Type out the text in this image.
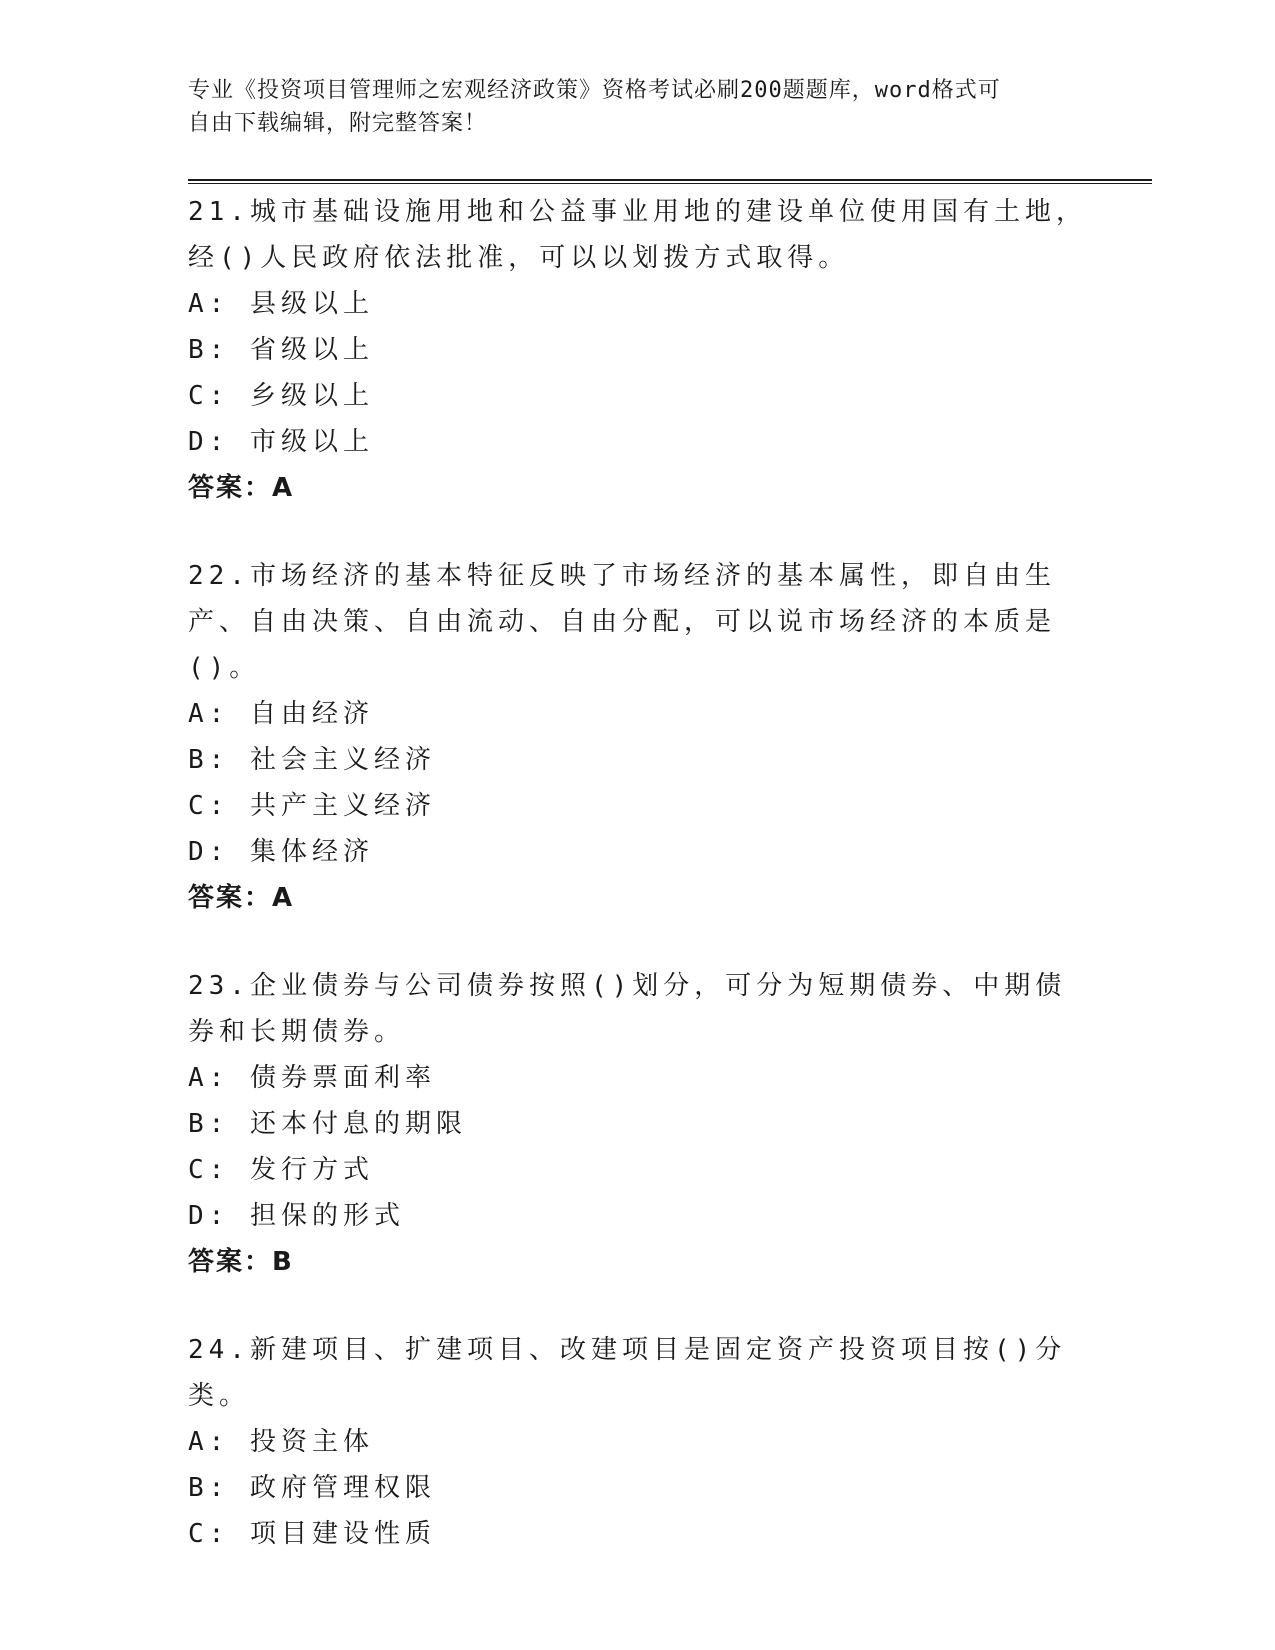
专业《投资项目管理师之宏观经济政策》资格考试必刷200题题库，word格式可
自由下载编辑，附完整答案！
21.城市基础设施用地和公益事业用地的建设单位使用国有土地，经()人民政府依法批准，可以以划拨方式取得。
A: 县级以上
B: 省级以上
C: 乡级以上
D: 市级以上
答案：A
22.市场经济的基本特征反映了市场经济的基本属性，即自由生产、自由决策、自由流动、自由分配，可以说市场经济的本质是()。
A: 自由经济
B: 社会主义经济
C: 共产主义经济
D: 集体经济
答案：A
23.企业债券与公司债券按照()划分，可分为短期债券、中期债券和长期债券。
A: 债券票面利率
B: 还本付息的期限
C: 发行方式
D: 担保的形式
答案：B
24.新建项目、扩建项目、改建项目是固定资产投资项目按()分类。
A: 投资主体
B: 政府管理权限
C: 项目建设性质
